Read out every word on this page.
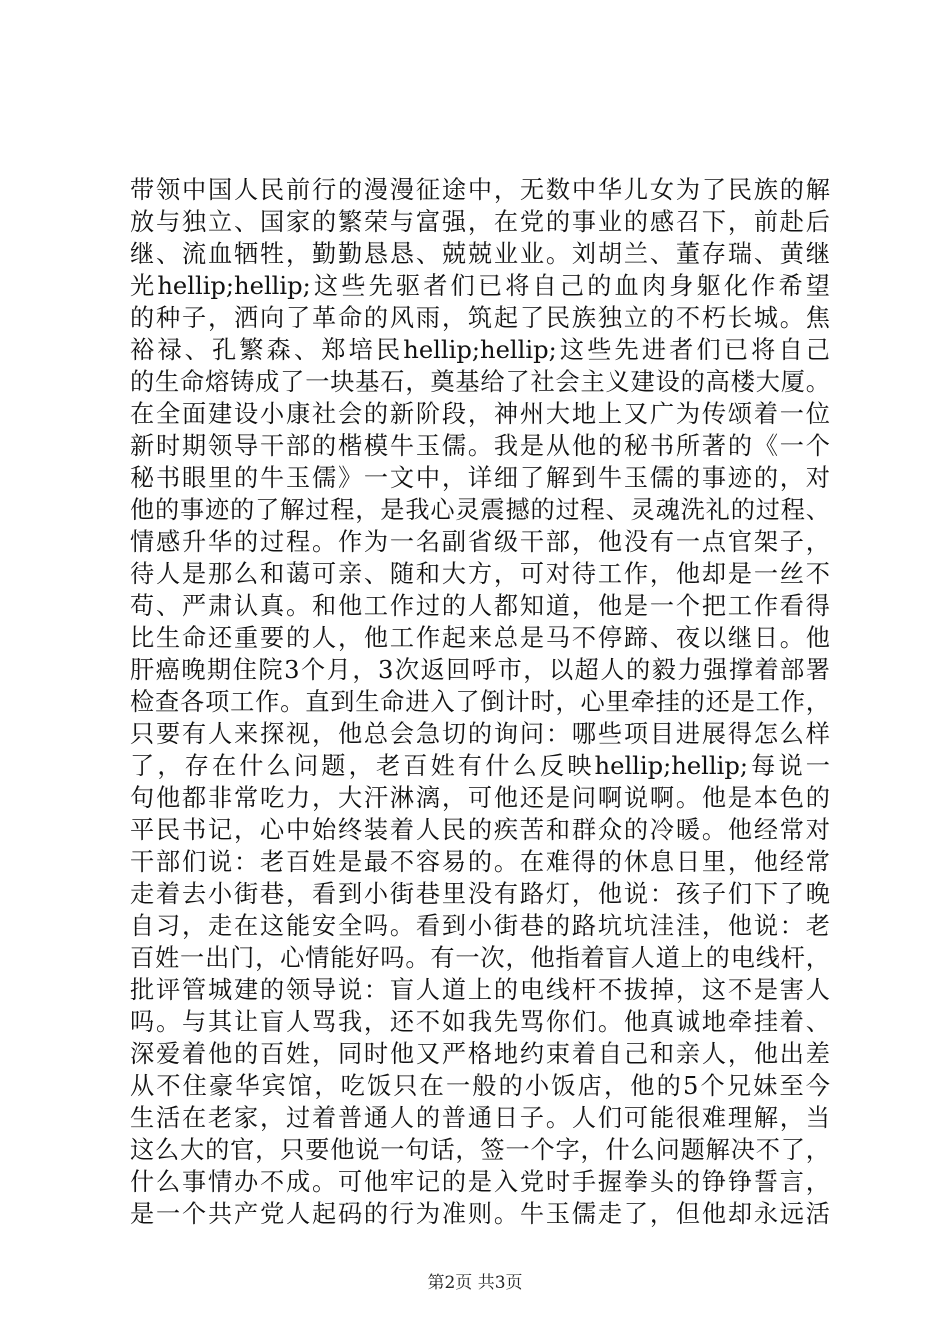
带领中国人民前行的漫漫征途中，无数中华儿女为了民族的解
放与独立、国家的繁荣与富强，在党的事业的感召下，前赴后
继、流血牺牲，勤勤恳恳、兢兢业业。刘胡兰、董存瑞、黄继
光hellip;hellip;这些先驱者们已将自己的血肉身躯化作希望
的种子，洒向了革命的风雨，筑起了民族独立的不朽长城。焦
裕禄、孔繁森、郑培民hellip;hellip;这些先进者们已将自己
的生命熔铸成了一块基石，奠基给了社会主义建设的高楼大厦。
在全面建设小康社会的新阶段，神州大地上又广为传颂着一位
新时期领导干部的楷模牛玉儒。我是从他的秘书所著的《一个
秘书眼里的牛玉儒》一文中，详细了解到牛玉儒的事迹的，对
他的事迹的了解过程，是我心灵震撼的过程、灵魂洗礼的过程、
情感升华的过程。作为一名副省级干部，他没有一点官架子，
待人是那么和蔼可亲、随和大方，可对待工作，他却是一丝不
苟、严肃认真。和他工作过的人都知道，他是一个把工作看得
比生命还重要的人，他工作起来总是马不停蹄、夜以继日。他
肝癌晚期住院3个月，3次返回呼市，以超人的毅力强撑着部署
检查各项工作。直到生命进入了倒计时，心里牵挂的还是工作，
只要有人来探视，他总会急切的询问：哪些项目进展得怎么样
了，存在什么问题，老百姓有什么反映hellip;hellip;每说一
句他都非常吃力，大汗淋漓，可他还是问啊说啊。他是本色的
平民书记，心中始终装着人民的疾苦和群众的冷暖。他经常对
干部们说：老百姓是最不容易的。在难得的休息日里，他经常
走着去小街巷，看到小街巷里没有路灯，他说：孩子们下了晚
自习，走在这能安全吗。看到小街巷的路坑坑洼洼，他说：老
百姓一出门，心情能好吗。有一次，他指着盲人道上的电线杆，
批评管城建的领导说：盲人道上的电线杆不拔掉，这不是害人
吗。与其让盲人骂我，还不如我先骂你们。他真诚地牵挂着、
深爱着他的百姓，同时他又严格地约束着自己和亲人，他出差
从不住豪华宾馆，吃饭只在一般的小饭店，他的5个兄妹至今
生活在老家，过着普通人的普通日子。人们可能很难理解，当
这么大的官，只要他说一句话，签一个字，什么问题解决不了，
什么事情办不成。可他牢记的是入党时手握拳头的铮铮誓言，
是一个共产党人起码的行为准则。牛玉儒走了，但他却永远活
第2页 共3页
